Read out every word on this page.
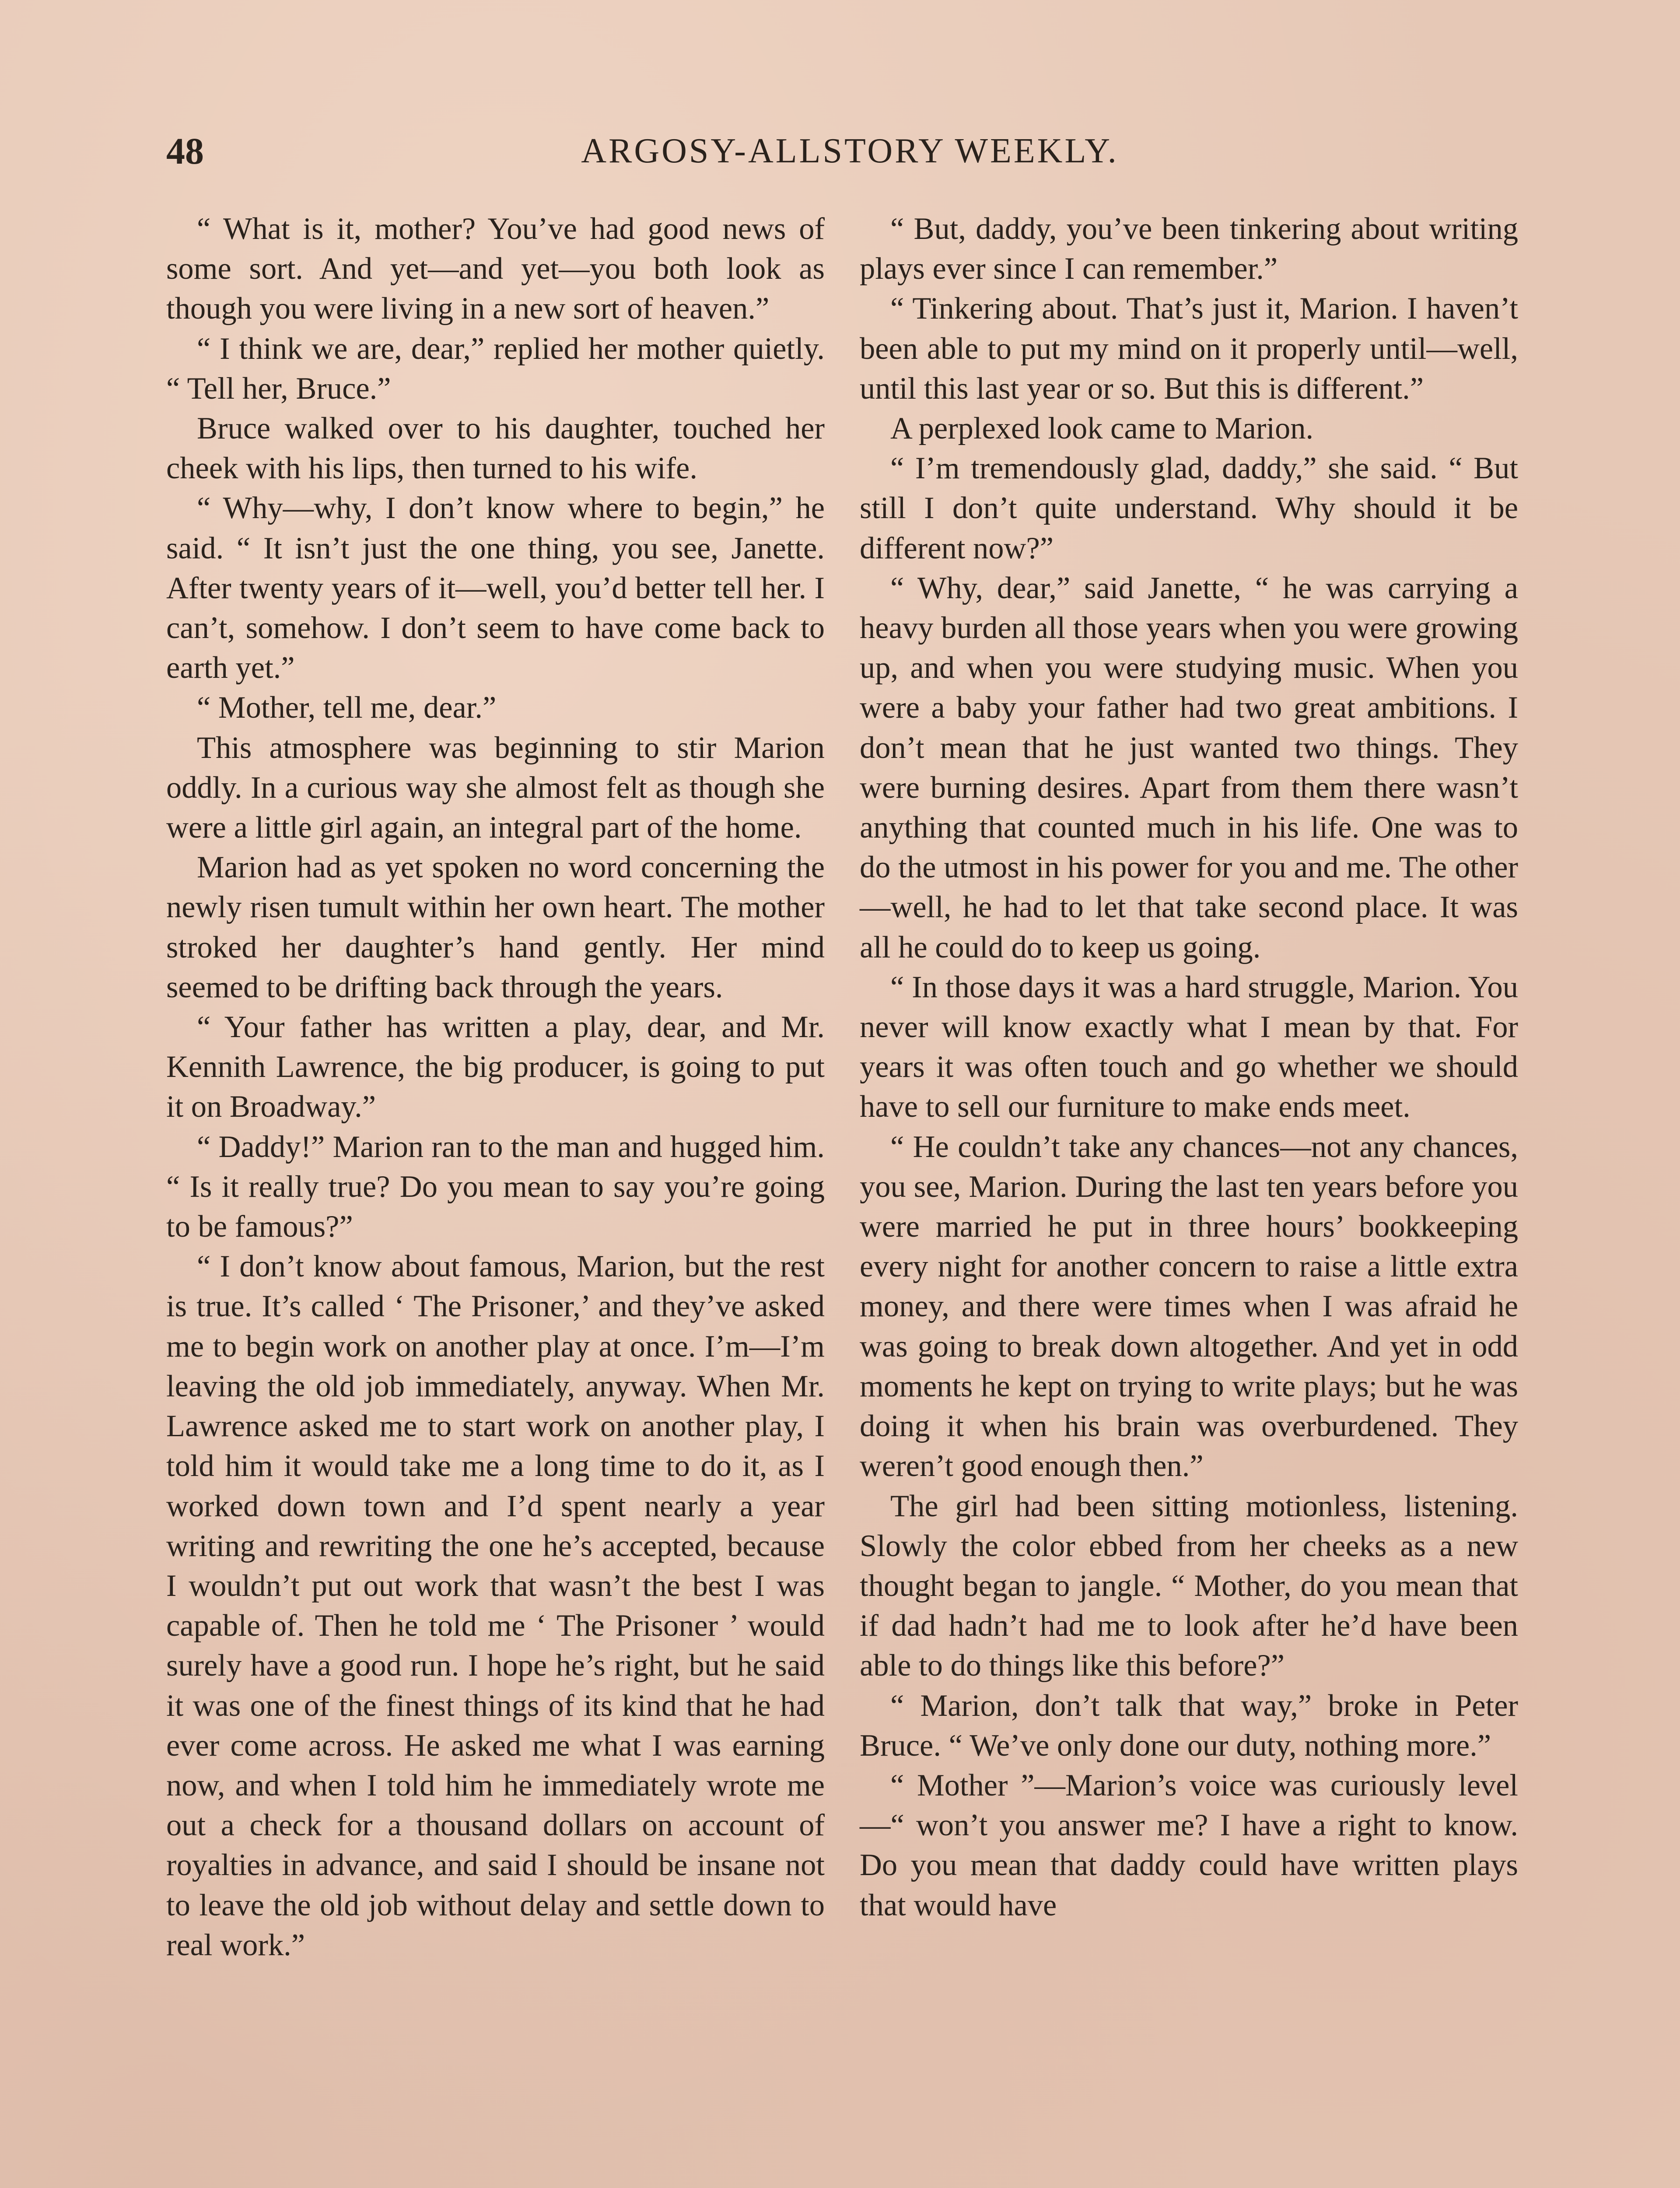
48	ARGOSY-ALLSTORY WEEKLY.

“ What is it, mother? You’ve had good news of some sort. And yet—and yet—you both look as though you were living in a new sort of heaven.”

“ I think we are, dear,” replied her mother quietly. “ Tell her, Bruce.”

Bruce walked over to his daughter, touched her cheek with his lips, then turned to his wife.

“ Why—why, I don’t know where to begin,” he said. “ It isn’t just the one thing, you see, Janette. After twenty years of it—well, you’d better tell her. I can’t, somehow. I don’t seem to have come back to earth yet.”

“ Mother, tell me, dear.”

This atmosphere was beginning to stir Marion oddly. In a curious way she almost felt as though she were a little girl again, an integral part of the home.

Marion had as yet spoken no word concerning the newly risen tumult within her own heart. The mother stroked her daughter’s hand gently. Her mind seemed to be drifting back through the years.

“ Your father has written a play, dear, and Mr. Kennith Lawrence, the big producer, is going to put it on Broadway.”

“ Daddy!” Marion ran to the man and hugged him. “ Is it really true? Do you mean to say you’re going to be famous?”

“ I don’t know about famous, Marion, but the rest is true. It’s called ‘ The Prisoner,’ and they’ve asked me to begin work on another play at once. I’m—I’m leaving the old job immediately, anyway. When Mr. Lawrence asked me to start work on another play, I told him it would take me a long time to do it, as I worked down town and I’d spent nearly a year writing and rewriting the one he’s accepted, because I wouldn’t put out work that wasn’t the best I was capable of. Then he told me ‘ The Prisoner ’ would surely have a good run. I hope he’s right, but he said it was one of the finest things of its kind that he had ever come across. He asked me what I was earning now, and when I told him he immediately wrote me out a check for a thousand dollars on account of royalties in advance, and said I should be insane not to leave the old job without delay and settle down to real work.”

“ But, daddy, you’ve been tinkering about writing plays ever since I can remember.”

“ Tinkering about. That’s just it, Marion. I haven’t been able to put my mind on it properly until—well, until this last year or so. But this is different.”

A perplexed look came to Marion.

“ I’m tremendously glad, daddy,” she said. “ But still I don’t quite understand. Why should it be different now?”

“ Why, dear,” said Janette, “ he was carrying a heavy burden all those years when you were growing up, and when you were studying music. When you were a baby your father had two great ambitions. I don’t mean that he just wanted two things. They were burning desires. Apart from them there wasn’t anything that counted much in his life. One was to do the utmost in his power for you and me. The other—well, he had to let that take second place. It was all he could do to keep us going.

“ In those days it was a hard struggle, Marion. You never will know exactly what I mean by that. For years it was often touch and go whether we should have to sell our furniture to make ends meet.

“ He couldn’t take any chances—not any chances, you see, Marion. During the last ten years before you were married he put in three hours’ bookkeeping every night for another concern to raise a little extra money, and there were times when I was afraid he was going to break down altogether. And yet in odd moments he kept on trying to write plays; but he was doing it when his brain was overburdened. They weren’t good enough then.”

The girl had been sitting motionless, listening. Slowly the color ebbed from her cheeks as a new thought began to jangle. “ Mother, do you mean that if dad hadn’t had me to look after he’d have been able to do things like this before?”

“ Marion, don’t talk that way,” broke in Peter Bruce. “ We’ve only done our duty, nothing more.”

“ Mother ”—Marion’s voice was curiously level—“ won’t you answer me? I have a right to know. Do you mean that daddy could have written plays that would have
